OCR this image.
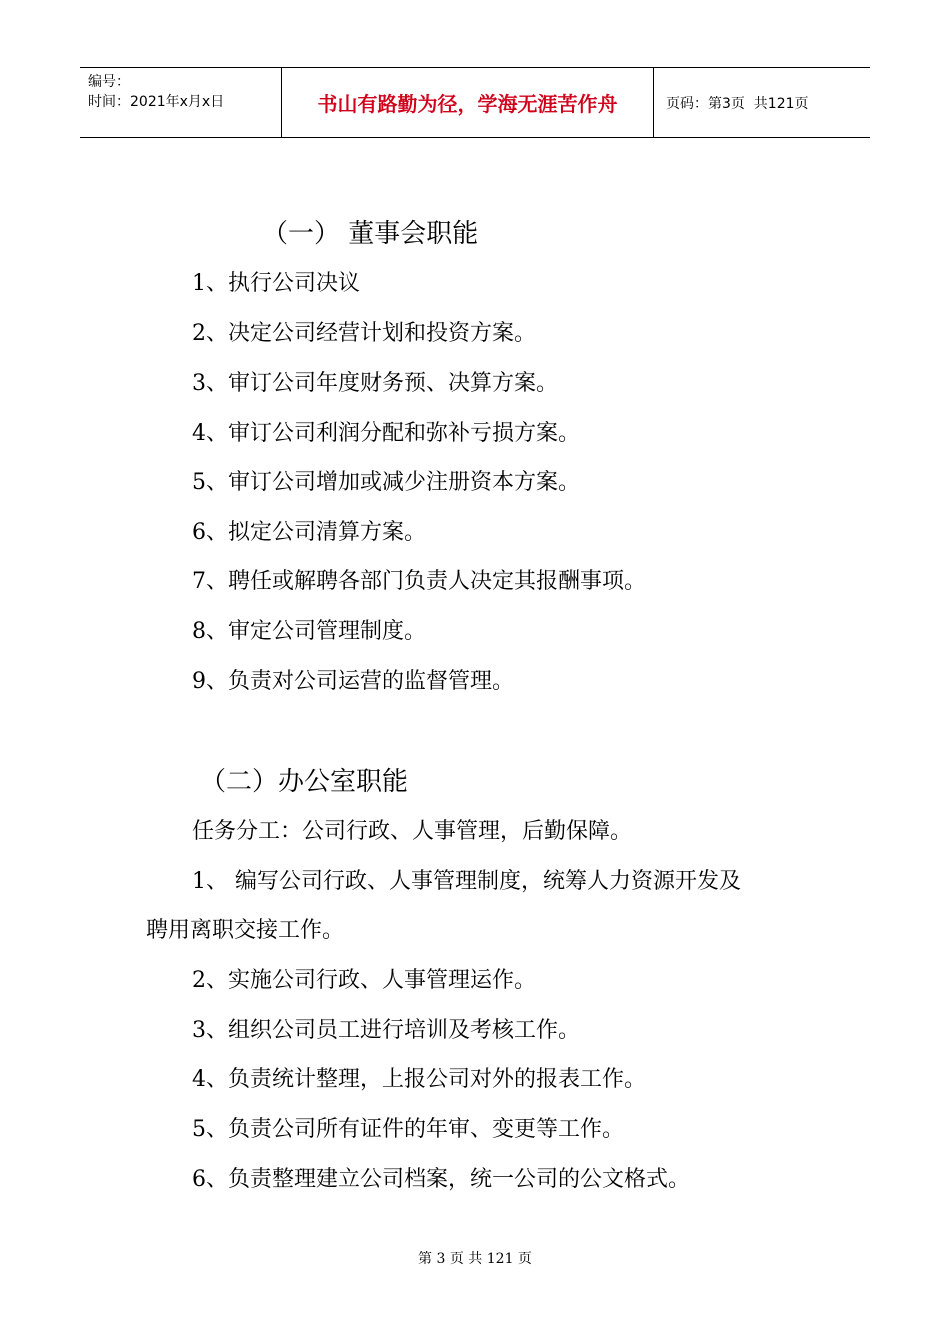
编号：
时间：2021年x月x日	书山有路勤为径，学海无涯苦作舟	页码：第3页  共121页
（一） 董事会职能
1、执行公司决议
2、决定公司经营计划和投资方案。
3、审订公司年度财务预、决算方案。
4、审订公司利润分配和弥补亏损方案。
5、审订公司增加或减少注册资本方案。
6、拟定公司清算方案。
7、聘任或解聘各部门负责人决定其报酬事项。
8、审定公司管理制度。
9、负责对公司运营的监督管理。
（二）办公室职能
任务分工：公司行政、人事管理，后勤保障。
1、 编写公司行政、人事管理制度，统筹人力资源开发及
聘用离职交接工作。
2、实施公司行政、人事管理运作。
3、组织公司员工进行培训及考核工作。
4、负责统计整理，上报公司对外的报表工作。
5、负责公司所有证件的年审、变更等工作。
6、负责整理建立公司档案，统一公司的公文格式。
第 3 页 共 121 页
